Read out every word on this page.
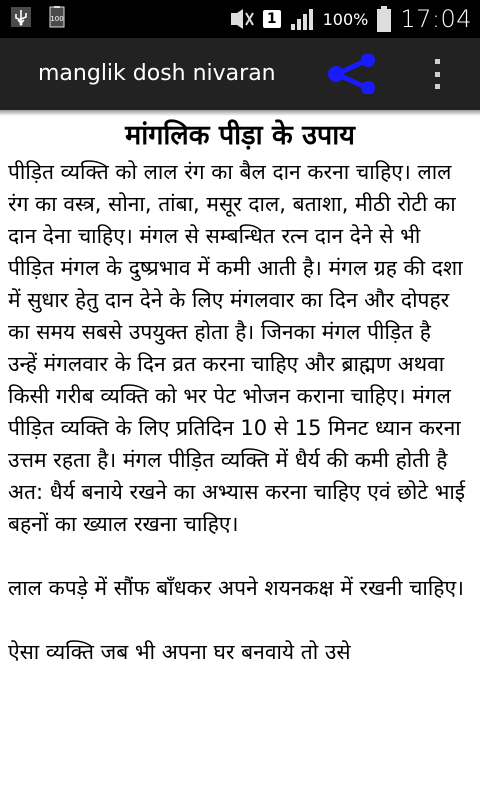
100	1	100% 17:04
manglik dosh nivaran
मांगलिक पीड़ा के उपाय
पीड़ित व्यक्ति को लाल रंग का बैल दान करना चाहिए। लाल रंग का वस्त्र, सोना, तांबा, मसूर दाल, बताशा, मीठी रोटी का दान देना चाहिए। मंगल से सम्बन्धित रत्न दान देने से भी पीड़ित मंगल के दुष्प्रभाव में कमी आती है। मंगल ग्रह की दशा में सुधार हेतु दान देने के लिए मंगलवार का दिन और दोपहर का समय सबसे उपयुक्त होता है। जिनका मंगल पीड़ित है उन्हें मंगलवार के दिन व्रत करना चाहिए और ब्राह्मण अथवा किसी गरीब व्यक्ति को भर पेट भोजन कराना चाहिए। मंगल पीड़ित व्यक्ति के लिए प्रतिदिन 10 से 15 मिनट ध्यान करना उत्तम रहता है। मंगल पीड़ित व्यक्ति में धैर्य की कमी होती है अत: धैर्य बनाये रखने का अभ्यास करना चाहिए एवं छोटे भाई बहनों का ख्याल रखना चाहिए।
लाल कपड़े में सौंफ बाँधकर अपने शयनकक्ष में रखनी चाहिए।
ऐसा व्यक्ति जब भी अपना घर बनवाये तो उसे
